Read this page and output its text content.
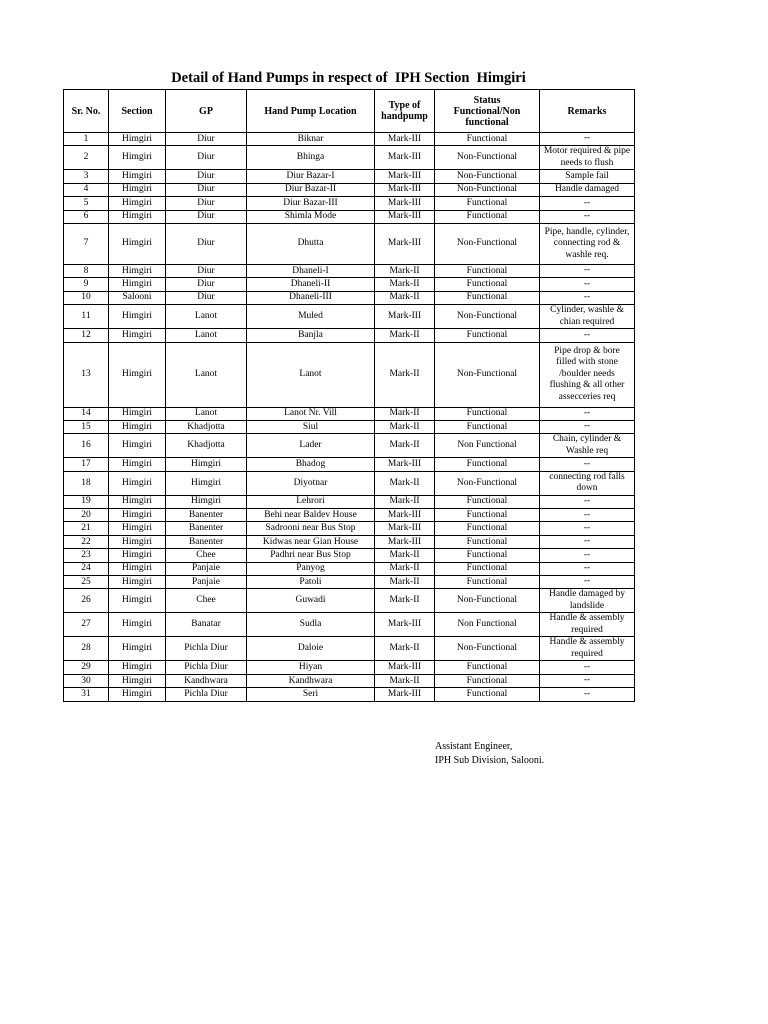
Detail of Hand Pumps in respect of  IPH Section  Himgiri
Sr. No.	Section	GP	Hand Pump Location	Type of
handpump	Status
Functional/Non
functional	Remarks
1	Himgiri	Diur	Biknar	Mark-III	Functional	--
2	Himgiri	Diur	Bhinga	Mark-III	Non-Functional	Motor required & pipe
needs to flush
3	Himgiri	Diur	Diur Bazar-I	Mark-III	Non-Functional	Sample fail
4	Himgiri	Diur	Diur Bazar-II	Mark-III	Non-Functional	Handle damaged
5	Himgiri	Diur	Diur Bazar-III	Mark-III	Functional	--
6	Himgiri	Diur	Shimla Mode	Mark-III	Functional	--
7	Himgiri	Diur	Dhutta	Mark-III	Non-Functional	Pipe, handle, cylinder,
connecting rod &
washle req.
8	Himgiri	Diur	Dhaneli-I	Mark-II	Functional	--
9	Himgiri	Diur	Dhaneli-II	Mark-II	Functional	--
10	Salooni	Diur	Dhaneli-III	Mark-II	Functional	--
11	Himgiri	Lanot	Muled	Mark-III	Non-Functional	Cylinder, washle &
chian required
12	Himgiri	Lanot	Banjla	Mark-II	Functional	--
13	Himgiri	Lanot	Lanot	Mark-II	Non-Functional	Pipe drop & bore
filled with stone
/boulder needs
flushing & all other
assecceries req
14	Himgiri	Lanot	Lanot Nr. Vill	Mark-II	Functional	--
15	Himgiri	Khadjotta	Siul	Mark-II	Functional	--
16	Himgiri	Khadjotta	Lader	Mark-II	Non Functional	Chain, cylinder &
Washle req
17	Himgiri	Himgiri	Bhadog	Mark-III	Functional	--
18	Himgiri	Himgiri	Diyotnar	Mark-II	Non-Functional	connecting rod falls
down
19	Himgiri	Himgiri	Lehrori	Mark-II	Functional	--
20	Himgiri	Banenter	Behi near Baldev House	Mark-III	Functional	--
21	Himgiri	Banenter	Sadrooni near Bus Stop	Mark-III	Functional	--
22	Himgiri	Banenter	Kidwas near Gian House	Mark-III	Functional	--
23	Himgiri	Chee	Padhri near Bus Stop	Mark-II	Functional	--
24	Himgiri	Panjaie	Panyog	Mark-II	Functional	--
25	Himgiri	Panjaie	Patoli	Mark-II	Functional	--
26	Himgiri	Chee	Guwadi	Mark-II	Non-Functional	Handle damaged by
landslide
27	Himgiri	Banatar	Sudla	Mark-III	Non Functional	Handle & assembly
required
28	Himgiri	Pichla Diur	Daloie	Mark-II	Non-Functional	Handle & assembly
required
29	Himgiri	Pichla Diur	Hiyan	Mark-III	Functional	--
30	Himgiri	Kandhwara	Kandhwara	Mark-II	Functional	--
31	Himgiri	Pichla Diur	Seri	Mark-III	Functional	--
Assistant Engineer,
IPH Sub Division, Salooni.
